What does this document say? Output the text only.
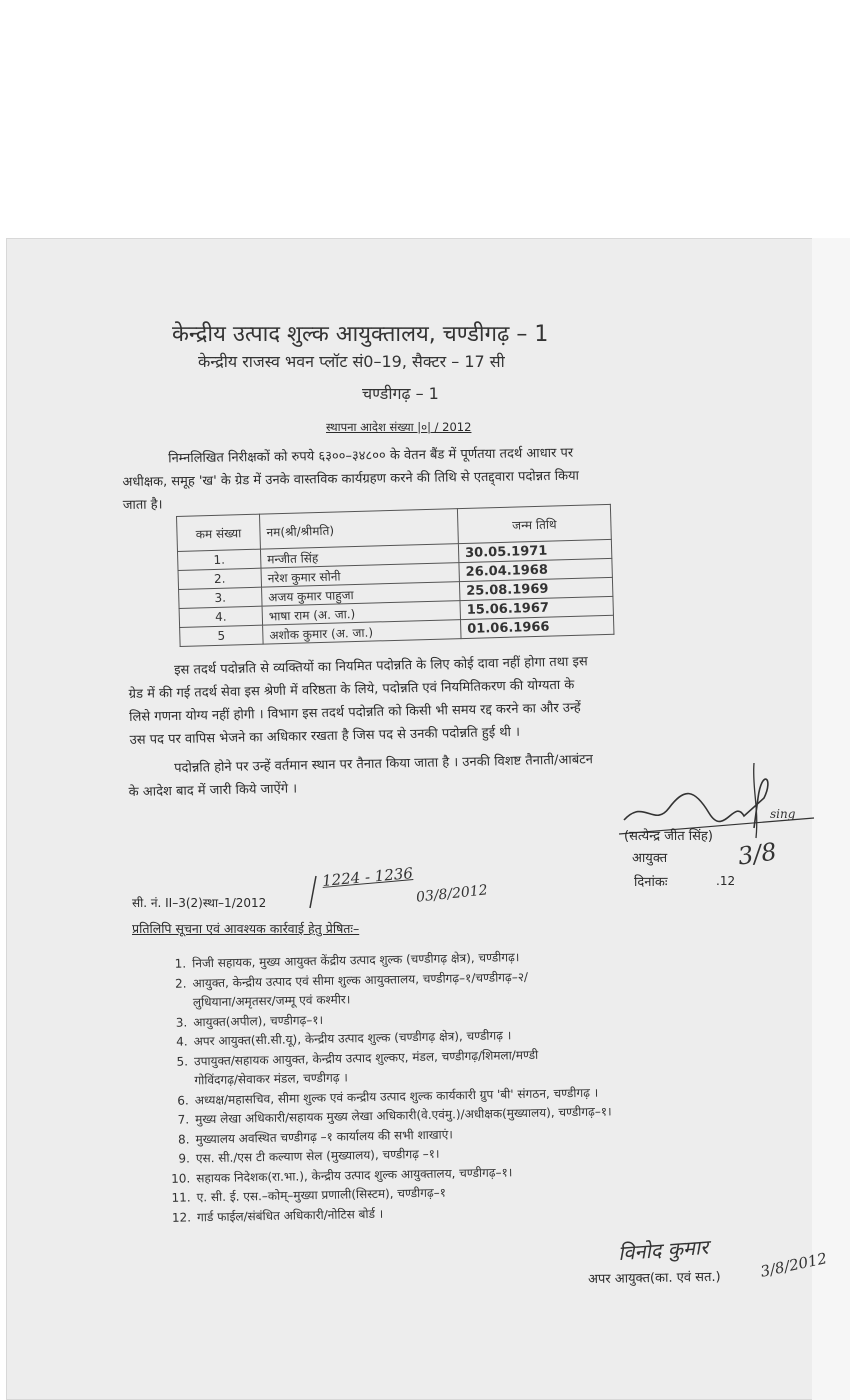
केन्द्रीय उत्पाद शुल्क आयुक्तालय, चण्डीगढ़ – 1
केन्द्रीय राजस्व भवन प्लॉट सं0–19, सैक्टर – 17 सी
चण्डीगढ़ – 1
स्थापना आदेश संख्या |०| / 2012
निम्नलिखित निरीक्षकों को रुपये ६३००–३४८०० के वेतन बैंड में पूर्णतया तदर्थ आधार पर
अधीक्षक, समूह 'ख' के ग्रेड में उनके वास्तविक कार्यग्रहण करने की तिथि से एतद्द्वारा पदोन्नत किया
जाता है।
कम संख्या	नम(श्री/श्रीमति)	जन्म तिथि
1.	मन्जीत सिंह	30.05.1971
2.	नरेश कुमार सोनी	26.04.1968
3.	अजय कुमार पाहुजा	25.08.1969
4.	भाषा राम (अ. जा.)	15.06.1967
5	अशोक कुमार (अ. जा.)	01.06.1966
इस तदर्थ पदोन्नति से व्यक्तियों का नियमित पदोन्नति के लिए कोई दावा नहीं होगा तथा इस
ग्रेड में की गई तदर्थ सेवा इस श्रेणी में वरिष्ठता के लिये, पदोन्नति एवं नियमितिकरण की योग्यता के
लिसे गणना योग्य नहीं होगी । विभाग इस तदर्थ पदोन्नति को किसी भी समय रद्द करने का और उन्हें
उस पद पर वापिस भेजने का अधिकार रखता है जिस पद से उनकी पदोन्नति हुई थी ।
पदोन्नति होने पर उन्हें वर्तमान स्थान पर तैनात किया जाता है । उनकी विशष्ट तैनाती/आबंटन
के आदेश बाद में जारी किये जाऐंगे ।
sing
(सत्येन्द्र जीत सिंह)
आयुक्त
दिनांकः	.12
3/8
सी. नं. II–3(2)स्था–1/2012
1224 - 1236
03/8/2012
प्रतिलिपि सूचना एवं आवश्यक कार्रवाई हेतु प्रेषितः–
1. निजी सहायक, मुख्य आयुक्त केंद्रीय उत्पाद शुल्क (चण्डीगढ़ क्षेत्र), चण्डीगढ़।
2. आयुक्त, केन्द्रीय उत्पाद एवं सीमा शुल्क आयुक्तालय, चण्डीगढ़–१/चण्डीगढ़–२/
लुधियाना/अमृतसर/जम्मू एवं कश्मीर।
3. आयुक्त(अपील), चण्डीगढ़–१।
4. अपर आयुक्त(सी.सी.यू), केन्द्रीय उत्पाद शुल्क (चण्डीगढ़ क्षेत्र), चण्डीगढ़ ।
5. उपायुक्त/सहायक आयुक्त, केन्द्रीय उत्पाद शुल्कए, मंडल, चण्डीगढ़/शिमला/मण्डी
गोविंदगढ़/सेवाकर मंडल, चण्डीगढ़ ।
6. अध्यक्ष/महासचिव, सीमा शुल्क एवं कन्द्रीय उत्पाद शुल्क कार्यकारी ग्रुप 'बी' संगठन, चण्डीगढ़ ।
7. मुख्य लेखा अधिकारी/सहायक मुख्य लेखा अधिकारी(वे.एवंमु.)/अधीक्षक(मुख्यालय), चण्डीगढ़–१।
8. मुख्यालय अवस्थित चण्डीगढ़ –१ कार्यालय की सभी शाखाएं।
9. एस. सी./एस टी कल्याण सेल (मुख्यालय), चण्डीगढ़ –१।
10. सहायक निदेशक(रा.भा.), केन्द्रीय उत्पाद शुल्क आयुक्तालय, चण्डीगढ़–१।
11. ए. सी. ई. एस.–कोम्–मुख्या प्रणाली(सिस्टम), चण्डीगढ़–१
12. गार्ड फाईल/संबंधित अधिकारी/नोटिस बोर्ड ।
विनोद कुमार	3/8/2012
अपर आयुक्त(का. एवं सत.)
